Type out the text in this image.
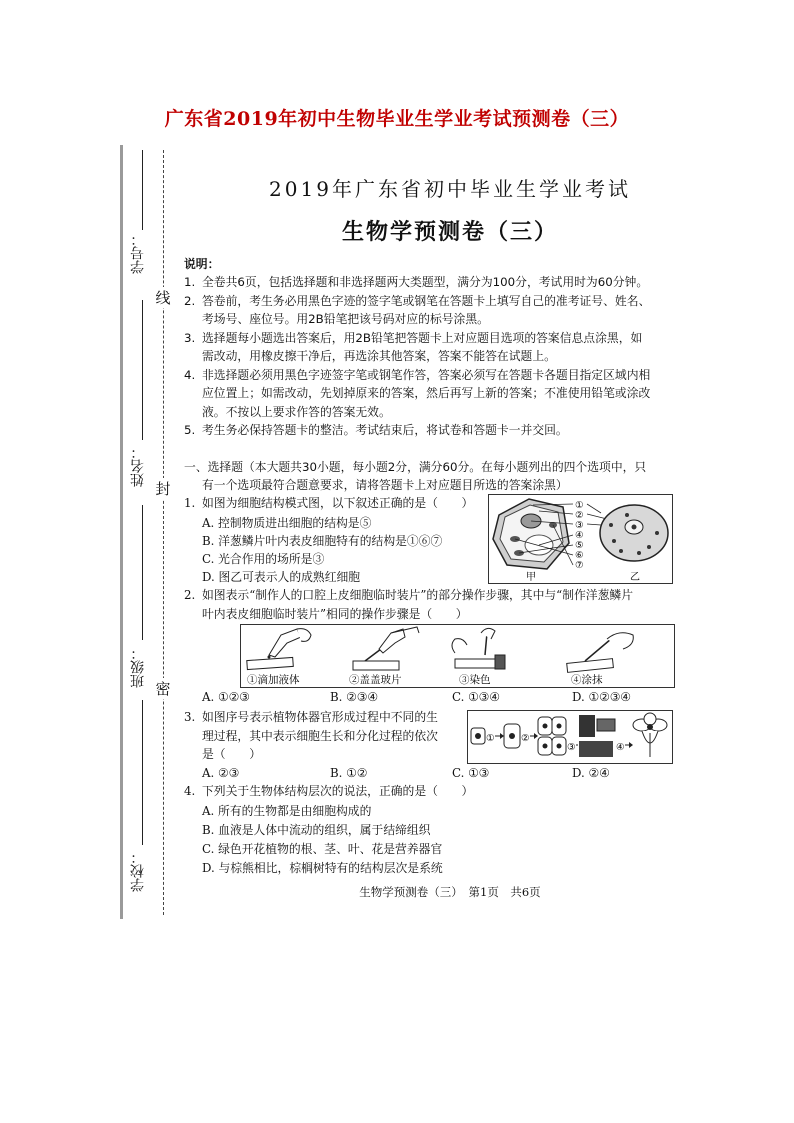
广东省2019年初中生物毕业生学业考试预测卷（三）
学号：
姓名：
班级：
学校：
线
封
密
2019年广东省初中毕业生学业考试
生物学预测卷（三）
说明：
1. 全卷共6页，包括选择题和非选择题两大类题型，满分为100分，考试用时为60分钟。
2. 答卷前，考生务必用黑色字迹的签字笔或钢笔在答题卡上填写自己的准考证号、姓名、
考场号、座位号。用2B铅笔把该号码对应的标号涂黑。
3. 选择题每小题选出答案后，用2B铅笔把答题卡上对应题目选项的答案信息点涂黑，如
需改动，用橡皮擦干净后，再选涂其他答案，答案不能答在试题上。
4. 非选择题必须用黑色字迹签字笔或钢笔作答，答案必须写在答题卡各题目指定区域内相
应位置上；如需改动，先划掉原来的答案，然后再写上新的答案；不准使用铅笔或涂改
液。不按以上要求作答的答案无效。
5. 考生务必保持答题卡的整洁。考试结束后，将试卷和答题卡一并交回。
一、选择题（本大题共30小题，每小题2分，满分60分。在每小题列出的四个选项中，只
有一个选项最符合题意要求，请将答题卡上对应题目所选的答案涂黑）
1. 如图为细胞结构模式图，以下叙述正确的是（　　）
A. 控制物质进出细胞的结构是⑤
B. 洋葱鳞片叶内表皮细胞特有的结构是①⑥⑦
C. 光合作用的场所是③
D. 图乙可表示人的成熟红细胞
①
②
③
④
⑤
⑥
⑦
甲	乙
2. 如图表示“制作人的口腔上皮细胞临时装片”的部分操作步骤，其中与“制作洋葱鳞片
叶内表皮细胞临时装片”相同的操作步骤是（　　）
①滴加液体	②盖盖玻片	③染色	④涂抹
A. ①②③	B. ②③④	C. ①③④	D. ①②③④
3. 如图序号表示植物体器官形成过程中不同的生
理过程，其中表示细胞生长和分化过程的依次
是（　　）
①	②
③	④
A. ②③	B. ①②	C. ①③	D. ②④
4. 下列关于生物体结构层次的说法，正确的是（　　）
A. 所有的生物都是由细胞构成的
B. 血液是人体中流动的组织，属于结缔组织
C. 绿色开花植物的根、茎、叶、花是营养器官
D. 与棕熊相比，棕榈树特有的结构层次是系统
生物学预测卷（三）　第1页　共6页
